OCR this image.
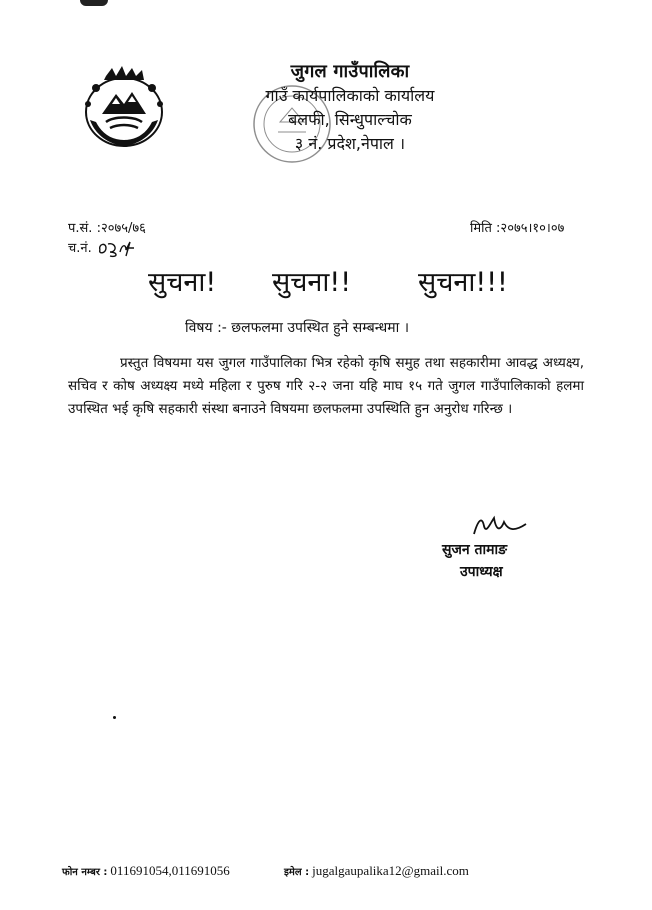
जुगल गाउँपालिका
गाउँ कार्यपालिकाको कार्यालय
बलफी, सिन्धुपाल्चोक
३ नं. प्रदेश,नेपाल ।
प.सं. :२०७५/७६
च.नं.
मिति :२०७५।१०।०७
सुचना! सुचना!! सुचना!!!
विषय :- छलफलमा उपस्थित हुने सम्बन्धमा ।
प्रस्तुत विषयमा यस जुगल गाउँपालिका भित्र रहेको कृषि समुह तथा सहकारीमा आवद्ध अध्यक्ष्य, सचिव र कोष अध्यक्ष्य मध्ये महिला र पुरुष गरि २-२ जना यहि माघ १५ गते जुगल गाउँपालिकाको हलमा उपस्थित भई कृषि सहकारी संस्था बनाउने विषयमा छलफलमा उपस्थिति हुन अनुरोध गरिन्छ ।
सुजन तामाङ
उपाध्यक्ष
फोन नम्बर : 011691054,011691056	इमेल : jugalgaupalika12@gmail.com
